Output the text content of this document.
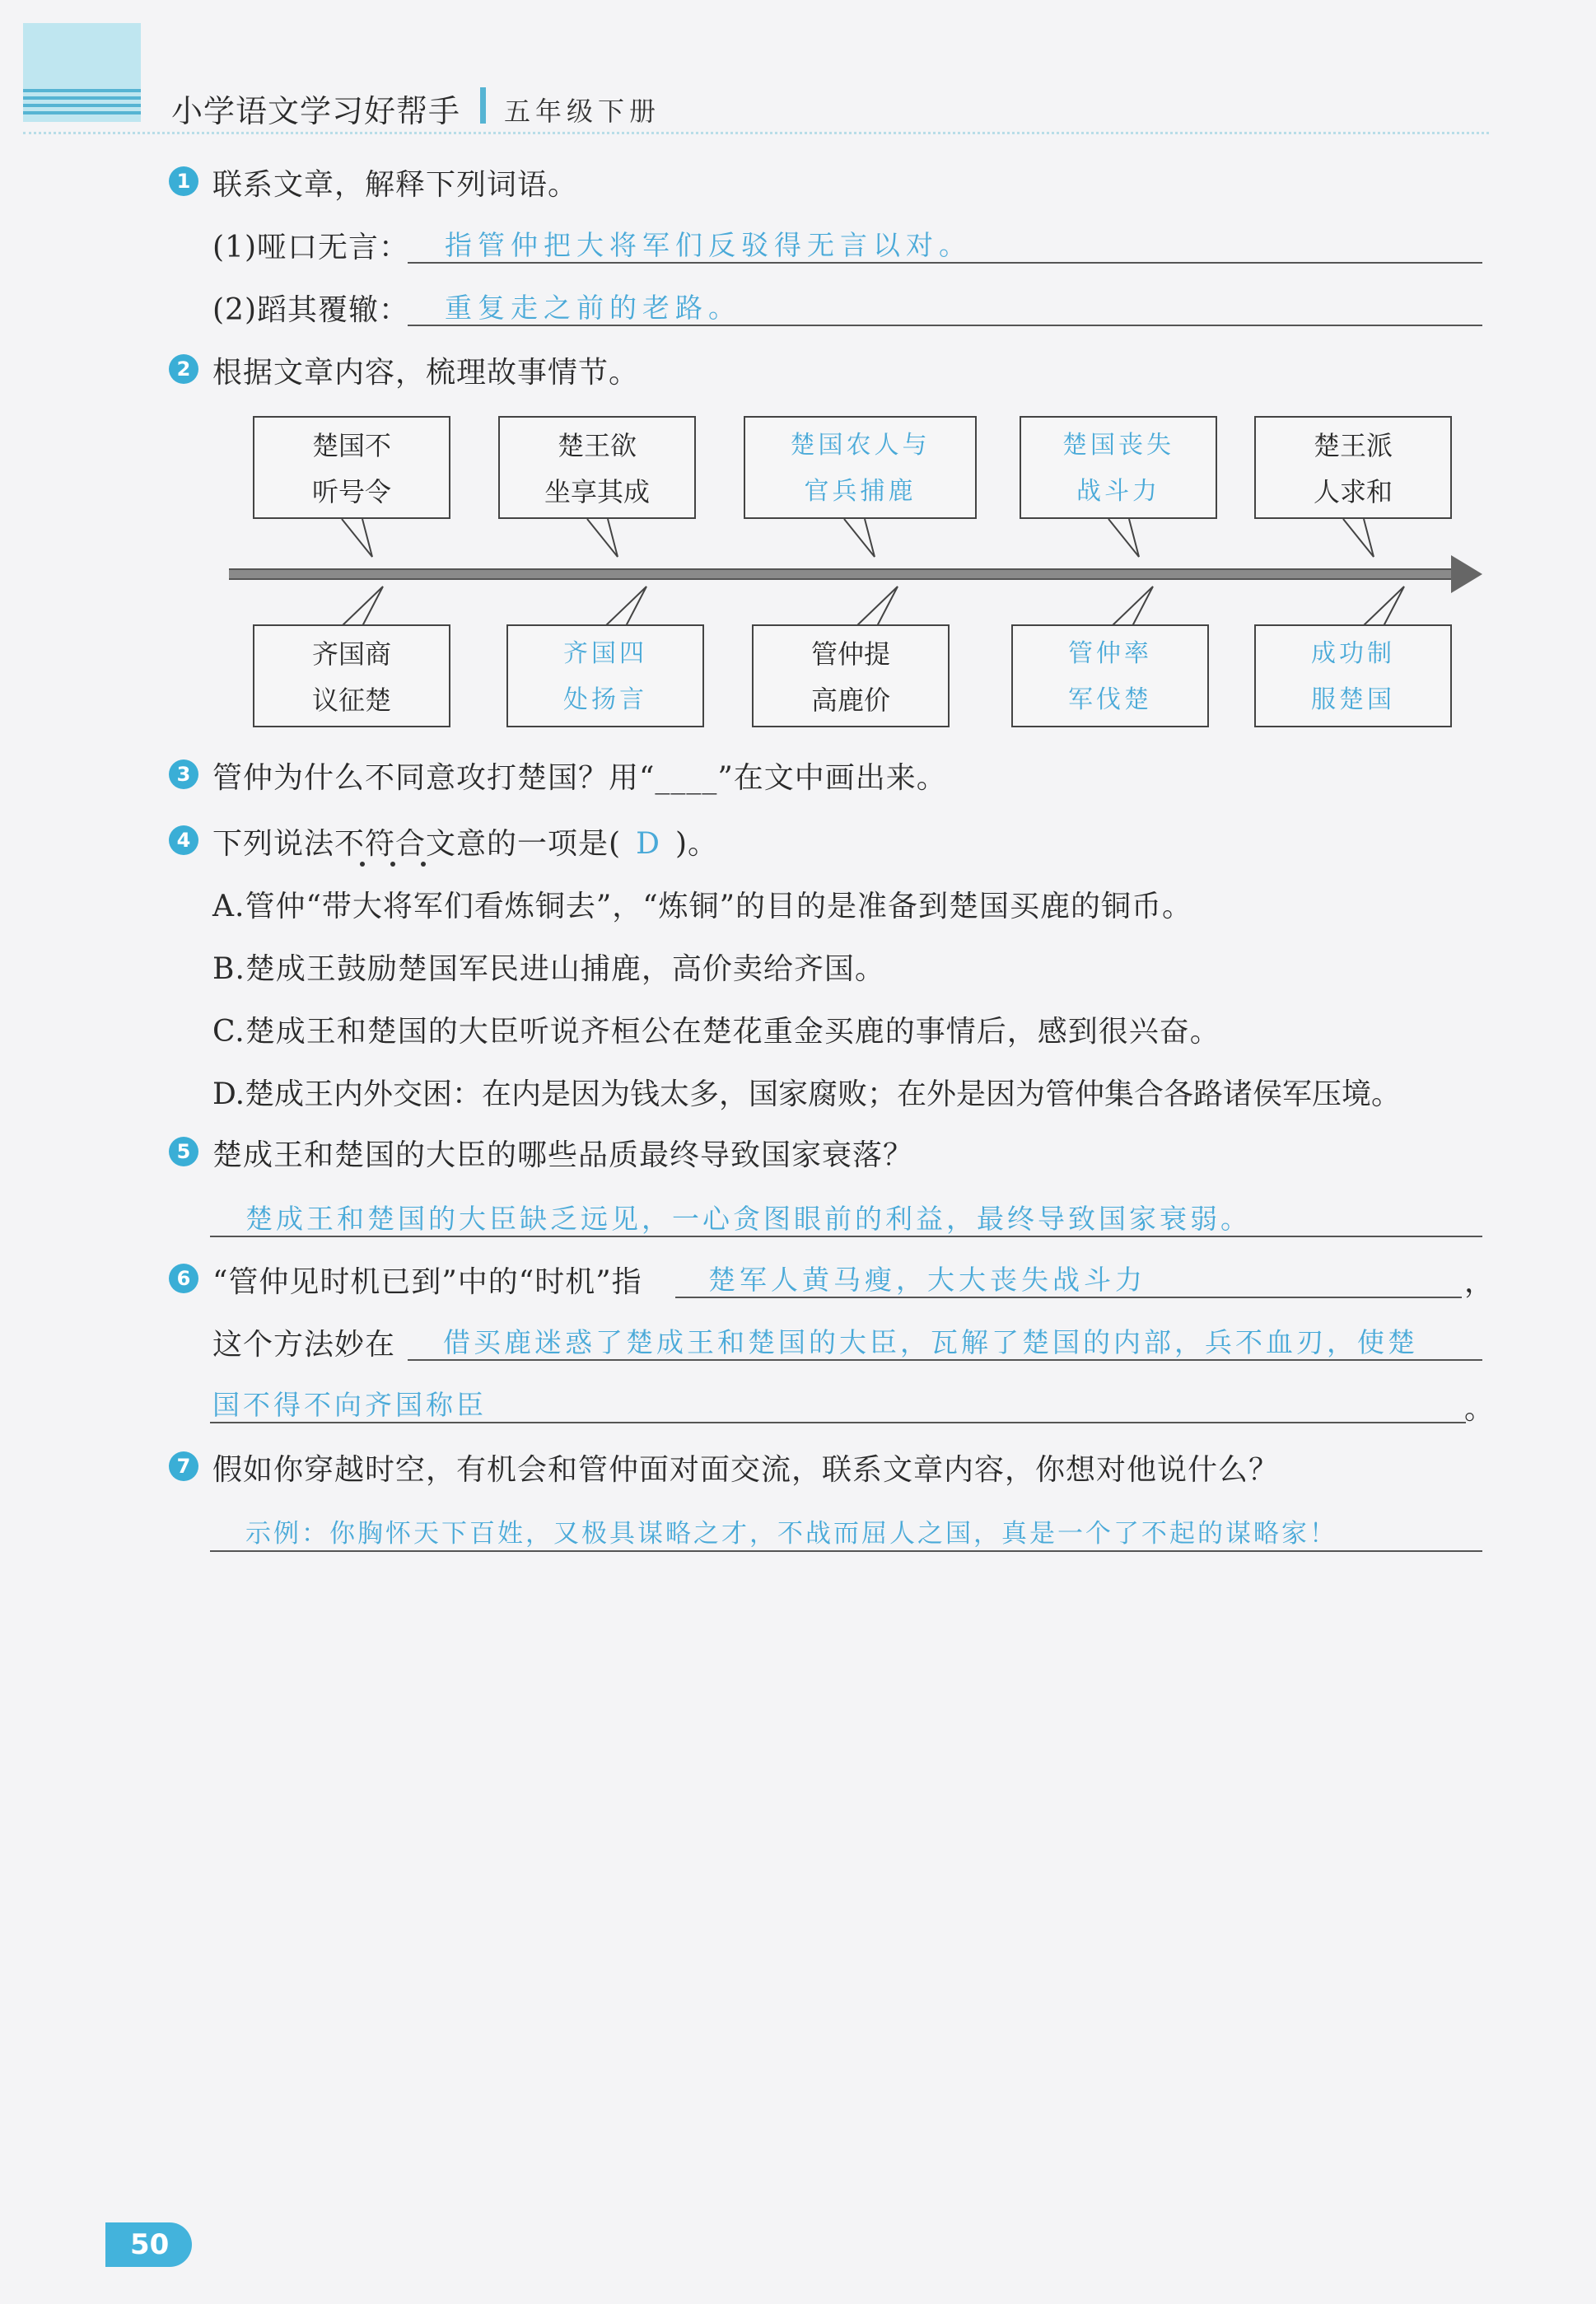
小学语文学习好帮手 五年级下册
1 联系文章，解释下列词语。
(1)哑口无言： 指管仲把大将军们反驳得无言以对。
(2)蹈其覆辙： 重复走之前的老路。
2 根据文章内容，梳理故事情节。
楚国不
听号令
楚王欲
坐享其成
楚国农人与
官兵捕鹿
楚国丧失
战斗力
楚王派
人求和
齐国商
议征楚
齐国四
处扬言
管仲提
高鹿价
管仲率
军伐楚
成功制
服楚国
3 管仲为什么不同意攻打楚国？用“____”在文中画出来。
4 下列说法不符合文意的一项是( D )。
A.管仲“带大将军们看炼铜去”，“炼铜”的目的是准备到楚国买鹿的铜币。
B.楚成王鼓励楚国军民进山捕鹿，高价卖给齐国。
C.楚成王和楚国的大臣听说齐桓公在楚花重金买鹿的事情后，感到很兴奋。
D.楚成王内外交困：在内是因为钱太多，国家腐败；在外是因为管仲集合各路诸侯军压境。
5 楚成王和楚国的大臣的哪些品质最终导致国家衰落？
楚成王和楚国的大臣缺乏远见，一心贪图眼前的利益，最终导致国家衰弱。
6 “管仲见时机已到”中的“时机”指 楚军人黄马瘦，大大丧失战斗力	，
这个方法妙在 借买鹿迷惑了楚成王和楚国的大臣，瓦解了楚国的内部，兵不血刃，使楚
国不得不向齐国称臣	。
7 假如你穿越时空，有机会和管仲面对面交流，联系文章内容，你想对他说什么？
示例：你胸怀天下百姓，又极具谋略之才，不战而屈人之国，真是一个了不起的谋略家！
50
